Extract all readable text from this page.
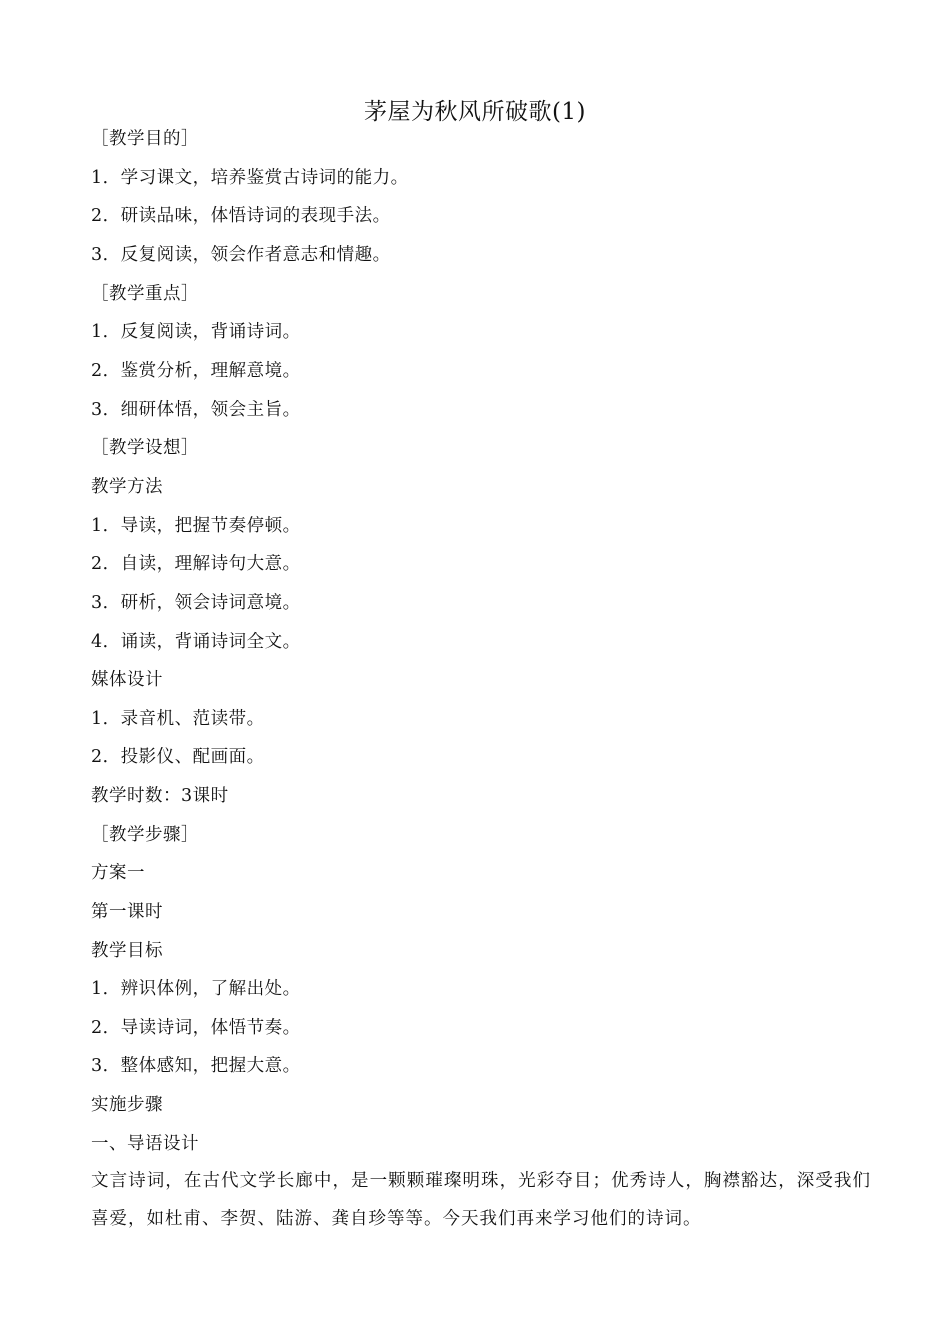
茅屋为秋风所破歌(1)
［教学目的］
1．学习课文，培养鉴赏古诗词的能力。
2．研读品味，体悟诗词的表现手法。
3．反复阅读，领会作者意志和情趣。
［教学重点］
1．反复阅读，背诵诗词。
2．鉴赏分析，理解意境。
3．细研体悟，领会主旨。
［教学设想］
教学方法
1．导读，把握节奏停顿。
2．自读，理解诗句大意。
3．研析，领会诗词意境。
4．诵读，背诵诗词全文。
媒体设计
1．录音机、范读带。
2．投影仪、配画面。
教学时数：3课时
［教学步骤］
方案一
第一课时
教学目标
1．辨识体例，了解出处。
2．导读诗词，体悟节奏。
3．整体感知，把握大意。
实施步骤
一、导语设计
文言诗词，在古代文学长廊中，是一颗颗璀璨明珠，光彩夺目；优秀诗人，胸襟豁达，深受我们喜爱，如杜甫、李贺、陆游、龚自珍等等。今天我们再来学习他们的诗词。
